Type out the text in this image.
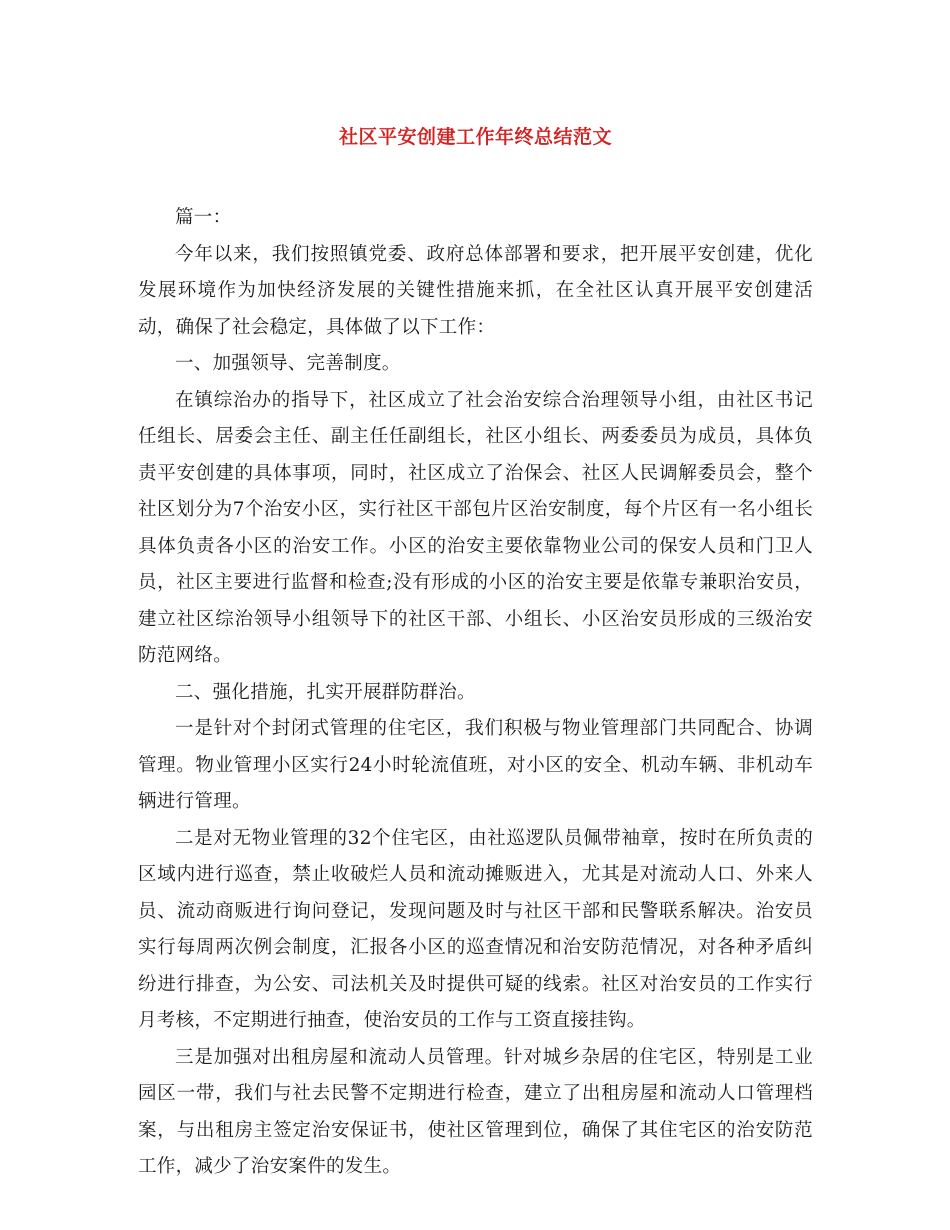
社区平安创建工作年终总结范文

篇一：

今年以来，我们按照镇党委、政府总体部署和要求，把开展平安创建，优化发展环境作为加快经济发展的关键性措施来抓，在全社区认真开展平安创建活动，确保了社会稳定，具体做了以下工作：

一、加强领导、完善制度。

在镇综治办的指导下，社区成立了社会治安综合治理领导小组，由社区书记任组长、居委会主任、副主任任副组长，社区小组长、两委委员为成员，具体负责平安创建的具体事项，同时，社区成立了治保会、社区人民调解委员会，整个社区划分为7个治安小区，实行社区干部包片区治安制度，每个片区有一名小组长具体负责各小区的治安工作。小区的治安主要依靠物业公司的保安人员和门卫人员，社区主要进行监督和检查;没有形成的小区的治安主要是依靠专兼职治安员，建立社区综治领导小组领导下的社区干部、小组长、小区治安员形成的三级治安防范网络。

二、强化措施，扎实开展群防群治。

一是针对个封闭式管理的住宅区，我们积极与物业管理部门共同配合、协调管理。物业管理小区实行24小时轮流值班，对小区的安全、机动车辆、非机动车辆进行管理。

二是对无物业管理的32个住宅区，由社巡逻队员佩带袖章，按时在所负责的区域内进行巡查，禁止收破烂人员和流动摊贩进入，尤其是对流动人口、外来人员、流动商贩进行询问登记，发现问题及时与社区干部和民警联系解决。治安员实行每周两次例会制度，汇报各小区的巡查情况和治安防范情况，对各种矛盾纠纷进行排查，为公安、司法机关及时提供可疑的线索。社区对治安员的工作实行月考核，不定期进行抽查，使治安员的工作与工资直接挂钩。

三是加强对出租房屋和流动人员管理。针对城乡杂居的住宅区，特别是工业园区一带，我们与社去民警不定期进行检查，建立了出租房屋和流动人口管理档案，与出租房主签定治安保证书，使社区管理到位，确保了其住宅区的治安防范工作，减少了治安案件的发生。
